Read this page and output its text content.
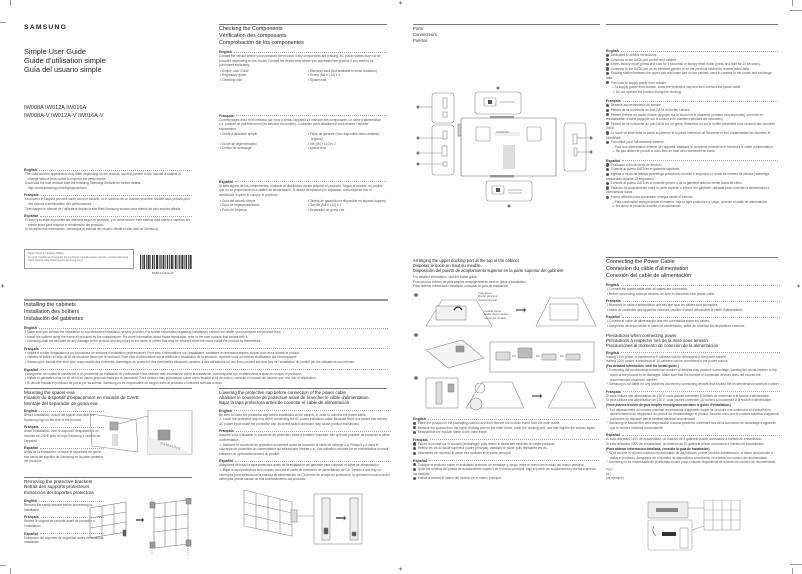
✦
✦	✦
✦
SAMSUNG
Simple User Guide
Guide d’utilisation simple
Guía del usuario simple
IW008A IW012A IW016A
IW008A-V IW012A-V IW016A-V
English
The color and the appearance may differ depending on the product, and the content in the manual is subject to change without prior notice to improve the performance.
Download the user manual from the following Samsung Website for further details. http://www.samsung.com/displaysolutions
Français
La couleur et l'aspect peuvent varier selon le modèle, et le contenu de ce manuel peut être modifié sans préavis pour des raisons d'amélioration des performances.
Téléchargez le manuel de l'utilisateur depuis le site Web Samsung suivant pour obtenir de plus amples détails.
Español
El color y el aspecto pueden ser distintos según el producto, y el contenido en este manual está sujeto a cambios sin previo aviso para mejorar el rendimiento del producto.
Si necesita más información, descargue el manual del usuario desde el sitio web de Samsung.
Open Source License Notice
To send inquiries and requests for questions regarding open sources, contact Samsung Open Source (http://opensource.samsung.com)
BN68-10234A-00
Checking the Components
Vérification des composants
Comprobación de los componentes
English
Contact the vendor where you purchased the product if any components are missing. AC power cables may not be provided depending on the model. Contact the dealer from whom you purchased the product if you want to be purchased separately.
• Simple User Guide	• Warranty card (Not available in some locations)
• Regulatory guide	• Screw (M4 x L10) x 2
• Cleaning cloth	• Spacer-eva
Français
Communiquez avec le fournisseur qui vous a vendu l'appareil s'il manque des composants. Le câble d'alimentation c.a. pourrait ne pas être fourni (en fonction du modèle). Contactez votre détaillant si vous désirez l'acheter séparément.
• Guide d'utilisation simple	• Fiche de garantie (Non disponible dans certaines régions)
• Guide de réglementation	• Vis (M4 x L10) x 2
• Chiffon de nettoyage	• spacer-eva
Español
Si falta alguno de los componentes, contacte al distribuidor donde adquirió el producto. Según el modelo, es posible que no se proporcionen los cables de alimentación. Si desea comprarlos por separado, comuníquese con el distribuidor a quien le compró el producto.
• Guía del usuario simple	• Tarjeta de garantía (no disponible en algunos lugares)
• Guía de reglamentaciones	• Tornillo (M4 x L10) x 2
• Paño de limpieza	• Separador de goma eva
Ports
Connecteurs
Puertos
SAMSUNG
English
Dedicated to service technicians.
Connects to the DATA port on the next cabinet.
Enters factory mode (press and hold for 5 seconds) or factory reset mode (press and hold for 10 seconds).
Connects to the DATA port on an interface gender or on the previous cabinet to receive video data.
Docking station between the upper part and lower part on the cabinet, used to connect to the power and exchange data.
Port used to supply power from outside.
– To supply power from outside, lower the protective cap and then connect the power cable.
⚠ Do not operate the product during the docking.
Français
Réservé aux techniciens de service.
Permet de se connecter au port DATA du boîtier suivant.
Permet d'entrer en mode d'usine (appuyer sur le bouton et le maintenir pendant cinq secondes) ou mode de réinitialisation d'usine (appuyer sur le bouton et le maintenir pendant dix secondes).
Permet de se connecter au port DATA sur un genre d'interface ou sur le boîtier précédent pour recevoir des données vidéo.
Le socle se situe entre la partie supérieure et la partie inférieure de l'enceinte et sert à transmettre les données et l'électricité.
Port utilisé pour l'alimentation externe.
– Pour une alimentation externe de l'appareil, abaissez le couvercle protecteur et branchez le câble d'alimentation.
⚠ Ne pas utiliser le produit si vous êtes en train de le connecter au socle.
Español
Destinado a los técnicos de servicio.
Conecte al puerto DATA en el gabinete siguiente.
Ingresa a modo de fábrica (mantenga presionado durante 5 segundos) o modo de reseteo de fábrica (mantenga presionado durante 10 segundos).
Conecte al puerto DATA en el enchufe género o de la gabinete anterior recibe datos de video.
Estación de acoplamiento entre la parte superior e inferior del gabinete, utilizada para conectar la alimentación e intercambiar datos.
Puerto utilizado para suministrar energía desde el exterior.
– Para suministrar energía desde el exterior, baje la tapa protectora y, luego, conecte el cable de alimentación.
⚠ No opere el producto durante el acoplamiento.
Installing the cabinets
Installation des boîtiers
Instalación del gabinetes
English
• Make sure you contact the installation to a professional installation service provider. For further information regarding installation, contact the dealer you purchased the product from.
• Install the cabinet using the frame kit provided by the manufacturer. For more information about frame installation, refer to the user manual that comes with it.
• Samsung shall not be liable for any damage to the product and any injury to the users or others that may be incurred while the users install the product by themselves.
Français
• Veillez à confier l'installation à un fournisseur de services d'installation professionnel. Pour plus d'informations sur l'installation, contactez le revendeur auprès duquel vous avez acheté le produit.
• Installez le boîtier à l'aide du kit de structure fourni par le fabricant. Pour plus d'informations sur la méthode d'installation de la structure, reportez-vous au manuel d'utilisateur qui l'accompagne.
• Samsung ne saurait être tenu pour responsable des éventuels dommages au produit et des éventuelles blessures causées à des utilisateurs ou des tiers pouvant survenir lors de l'installation du produit par les utilisateurs eux-mêmes.
Español
• Asegúrese de confiar la instalación a un proveedor de instalador de profesional. Para obtener más información sobre la instalación, comuníquese con el distribuidor a quien le compró el producto.
• Instale el gabinetes usar un kit de kit de marco proporcionado por el fabricante. Para obtener más información sobre cómo instalar el kit de marco, consulte el manual del usuario que vino con el dispositivo.
• Si decide instalar el producto de por sí por su cuenta, Samsung no es responsable de ningún daño al producto ni lesiones sufridas a otros.
Mounting the spacer-eva
Fixation du dispositif d'espacement en mousse de CAVE
Montaje del separador de goma eva
English
Before installation, mount the spacer-eva near the Samsung logo on the rear of the product.
Français
Avant l'installation, fixer le dispositif d'espacement en mousse de CAVE près du logo Samsung à l'arrière de l'appareil.
Español
Antes de la instalación, coloque el separador de goma eva cerca del logotipo de Samsung en la parte posterior del producto.
SAMSUNG
Removing the protective brackets
Retrait des supports protecteurs
Extracción del soportes protectora
English
Remove the safety bracket before proceeding to installation.
Français
Retirez le support de sécurité avant de procéder à l'installation.
Español
Extracción del soportes de seguridad antes de continuar instalación.
Lowering the protective cap before connection of the power cable
Abaisser le couvercle de protection avant de brancher le câble d'alimentation.
Bajar la tapa protectora antes de conectar el cable de alimentación
English
Be sure to lower the protective cap before installation of the cabinet, in order to connect the power cable.
⚠ Lower the protective cap only when connecting the AC power extension cable. Because there is a switch that selects AC power input inside the protective cap, incorrect switch operation may cause product malfunction.
Français
Assurez-vous d'abaisser le couvercle de protection avant d'installer l'enceinte, afin qu'il soit possible de brancher le câble d'alimentation.
⚠ Abaissez le couvercle de protection seulement avant de brancher le câble de rallonge c.a. Puisqu'il y a dans le couvercle de protection un commutateur qui sélectionne l'entrée c.a., une utilisation erronée de ce commutateur pourrait entraîner un dysfonctionnement du produit.
Español
Asegúrese de bajar la tapa protectora antes de la instalación del gabinete para conectar el cable de alimentación.
⚠ Bajar la tapa protectora solo cuando conecte el cable de extensión de alimentación de CA. Debido a que hay un interruptor para seleccionar la entrada de alimentación de CA dentro de la tapa de protección, la operación incorrecta del interruptor puede causar un mal funcionamiento del producto.
Arranging the upper docking port at the top of the cabinet
Disposer le socle en haut du meuble.
Disposición del puerto de acoplamiento superior en la parte superior del gabinete
For detailed information, visit the install guide.
Pour pouvoir trouver de plus amples renseignements dans le guide d'installation.
Para obtener información detallada, consultar la guía de instalación.
main frame
Boîtier principal
marco principal
module frame
Cadre des modules
marco del módulo
English
Place the product on the packaging cushion and then remove the module frame from the main frame.
Remove the screws from the upper docking port on the main frame, lower the docking port, and then tighten the screws again.
Reassemble the module frame to the main frame.
Français
Placez le produit sur le coussin (emballage), puis retirez le cadre des modules du cadre principal.
Retirez les vis du socle supérieur (cadre principal), abaissez le socle, puis réinstallez les vis.
Assemblez de nouveau le cadre des modules et le cadre principal.
Español
Coloque el producto sobre el acolchado protector de embalaje y, luego, retire el marco del módulo del marco principal.
Quite los tornillos del puerto de acoplamiento superior en el marco principal, baje el puerto de acoplamiento y vuelva a apretar los tornillos.
Vuelva a montar el marco del módulo en el marco principal.
Connecting the Power Cable
Connexion du câble d'alimentation
Conexión del cable de alimentación
English
• Connect the power cable after all cables are connected.
• Before connecting external devices, be sure to disconnect the power cable.
Français
• Branchez le câble d'alimentation une fois que tous les câbles sont connectés.
• Avant de connecter des appareils externes, veuillez d'abord débrancher le câble d'alimentation.
Español
• Conecte el cable de alimentación una vez conectados todos los cables.
• Asegúrese de desconectar el cable de alimentación, antes de conectar los dispositivos externos.
Precautions when connecting power
Précautions à respecter lors de la mise sous tension
Precauciones al momento de conexión de la alimentación
English
Having 110V power, a maximum of 5 cabinets can be connected to the power source.
Having 220V power, a maximum of 10 cabinets can be connected to the power source.
(For detailed information, visit the install guide.)
* Exceeding the recommended maximum number of devices may produce overvoltage, causing the circuit breaker to trip down or the product to be damaged. Make sure that the number of connected devices does not exceed the recommended maximum number.
* Samsung is not liable for any problems incurred by connecting devices that exceed the recommended maximum number.
Français
Si vous utilisez une alimentation de 110 V, vous pouvez connecter 5 boîtiers au maximum à la source d'alimentation.
Si vous utilisez une alimentation de 220 V, vous pouvez connecter 10 boîtiers au maximum à la source d'alimentation.
(Vous pouvez trouver de plus amples renseignements dans le guide d'installation.)
* Tout dépassement du nombre maximal recommandé d'appareils risque de produire une surtension et d'entraîner le déclenchement du disjoncteur du produit ou d'endommager le produit. Assurez-vous que le nombre maximal d'appareils connectés ne dépasse pas le nombre maximal recommandé.
* Samsung ne saurait être tenu responsable d'aucun problème survenant lors de la connexion de davantage d'appareils que le nombre maximal recommandé.
Español
Si está utilizando 110V de ensamblado, un máximo de 5 gabinete puede conectarse a fuentes de ensamblado.
Si está utilizando 220V de ensamblado, un máximo de 10 gabinete puede conectarse a fuentes de ensamblado.
(Para obtener información detallada, consulte la guía de instalación).
* Si se excede el número máximo recomendado de dispositivos, puede producir sobretensión, al hacer cortocircuito o dañar el producto. Asegúrese de el número de dispositivos conectados no exceda los número de recomendado.
* Samsung no es responsable de problemas incurrir para conectar dispositivos de exceda los número de recomendado.
e.g.)
ex.)
por ejemplo)
